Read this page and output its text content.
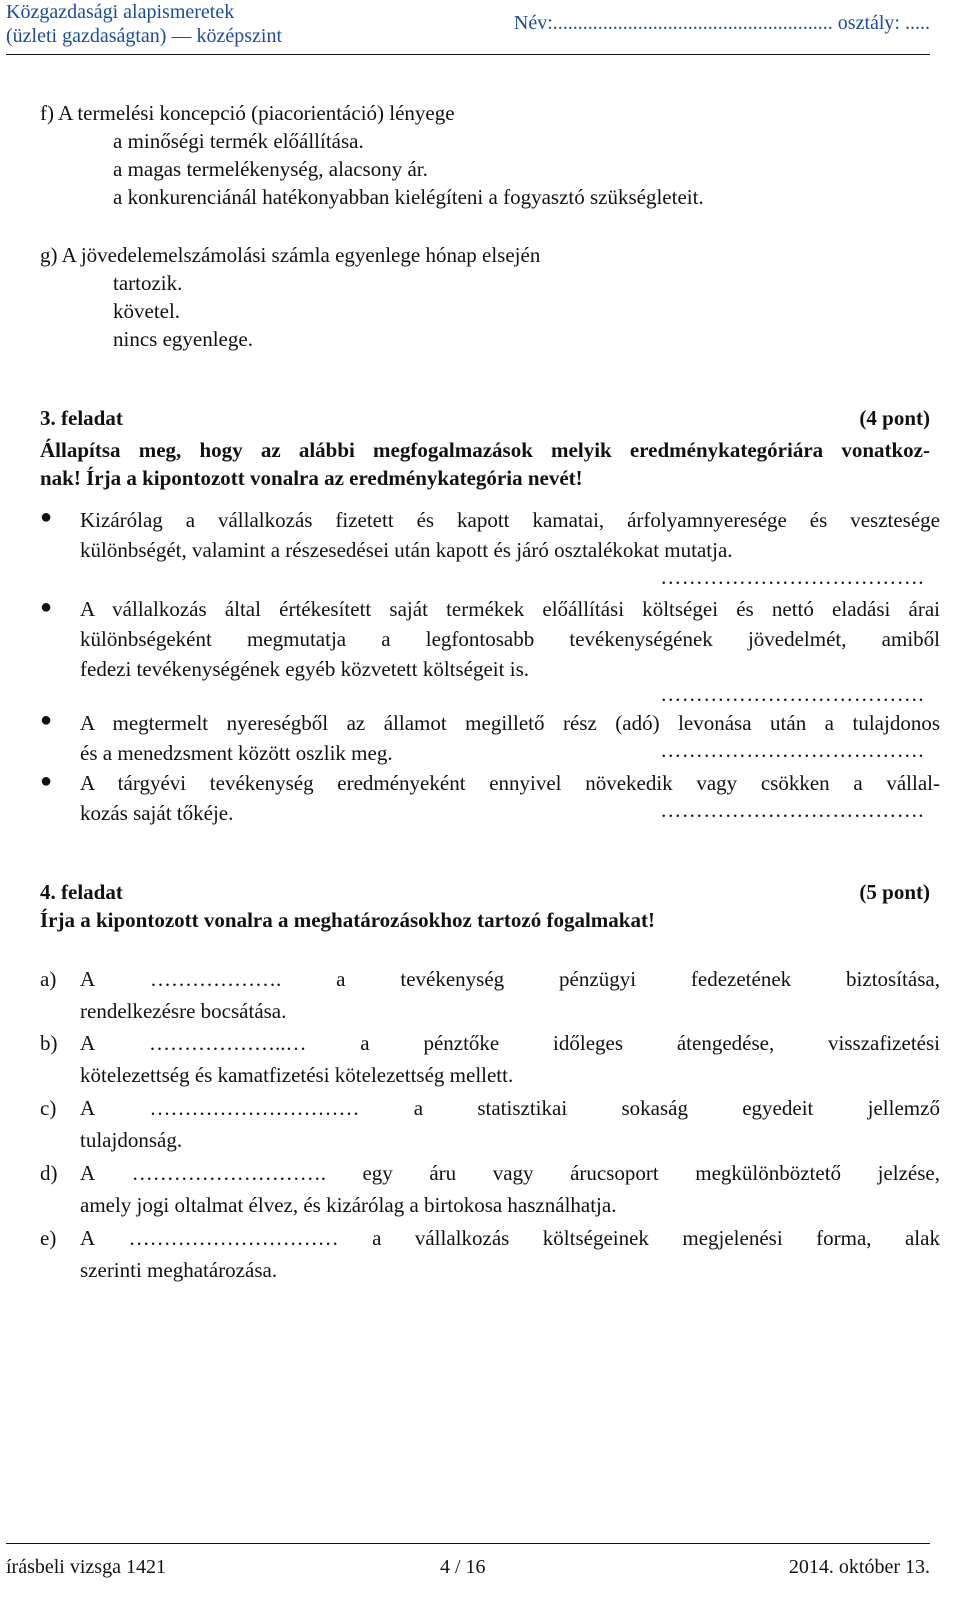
Közgazdasági alapismeretek
(üzleti gazdaságtan) — középszint
Név:........................................................ osztály: .....
f) A termelési koncepció (piacorientáció) lényege
a minőségi termék előállítása.
a magas termelékenység, alacsony ár.
a konkurenciánál hatékonyabban kielégíteni a fogyasztó szükségleteit.
g) A jövedelemelszámolási számla egyenlege hónap elsején
tartozik.
követel.
nincs egyenlege.
3. feladat	(4 pont)
Állapítsa meg, hogy az alábbi megfogalmazások melyik eredménykategóriára vonatkoz-
nak! Írja a kipontozott vonalra az eredménykategória nevét!
● Kizárólag a vállalkozás fizetett és kapott kamatai, árfolyamnyeresége és vesztesége
különbségét, valamint a részesedései után kapott és járó osztalékokat mutatja.
……………………………….
● A vállalkozás által értékesített saját termékek előállítási költségei és nettó eladási árai
különbségeként megmutatja a legfontosabb tevékenységének jövedelmét, amiből
fedezi tevékenységének egyéb közvetett költségeit is.
……………………………….
● A megtermelt nyereségből az államot megillető rész (adó) levonása után a tulajdonos
és a menedzsment között oszlik meg.	……………………………….
● A tárgyévi tevékenység eredményeként ennyivel növekedik vagy csökken a vállal-
kozás saját tőkéje.	……………………………….
4. feladat	(5 pont)
Írja a kipontozott vonalra a meghatározásokhoz tartozó fogalmakat!
a) A	……………….	a	tevékenység	pénzügyi	fedezetének	biztosítása,
rendelkezésre bocsátása.
b) A	………………..…	a	pénztőke	időleges	átengedése,	visszafizetési
kötelezettség és kamatfizetési kötelezettség mellett.
c) A	…………………………	a	statisztikai	sokaság	egyedeit	jellemző
tulajdonság.
d) A ………………………. egy áru vagy árucsoport megkülönböztető jelzése,
amely jogi oltalmat élvez, és kizárólag a birtokosa használhatja.
e) A ………………………… a vállalkozás költségeinek megjelenési forma, alak
szerinti meghatározása.
írásbeli vizsga 1421	4 / 16	2014. október 13.
